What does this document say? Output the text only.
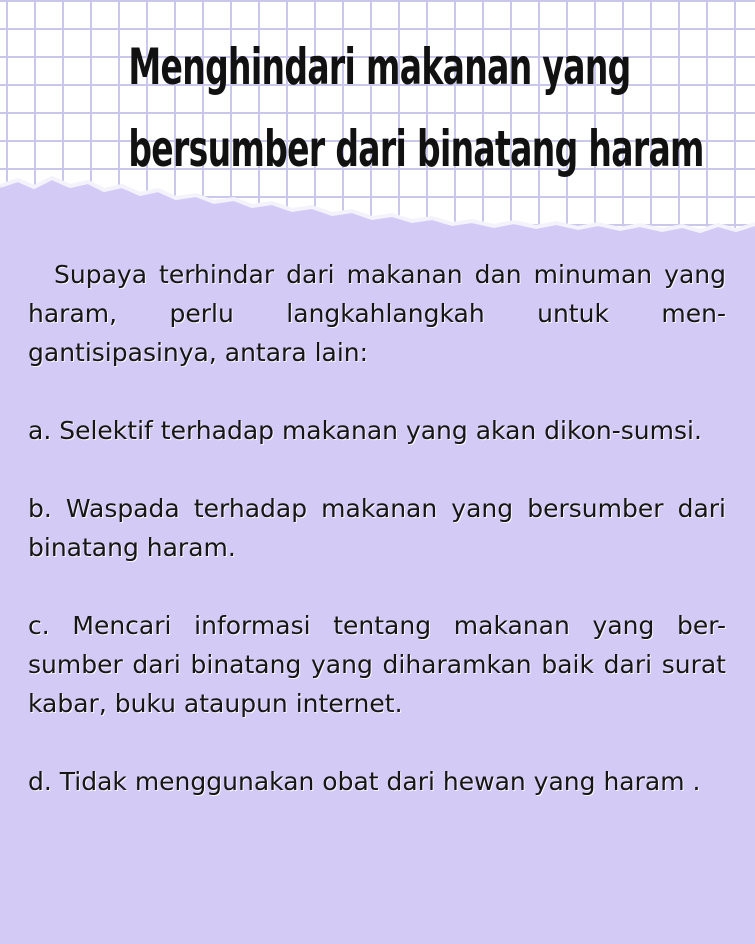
Menghindari makanan yang
bersumber dari binatang haram

Supaya terhindar dari makanan dan minuman yang haram, perlu langkahlangkah untuk men-gantisipasinya, antara lain:

a. Selektif terhadap makanan yang akan dikon-sumsi.

b. Waspada terhadap makanan yang bersumber dari binatang haram.

c. Mencari informasi tentang makanan yang ber-sumber dari binatang yang diharamkan baik dari surat kabar, buku ataupun internet.

d. Tidak menggunakan obat dari hewan yang haram .
